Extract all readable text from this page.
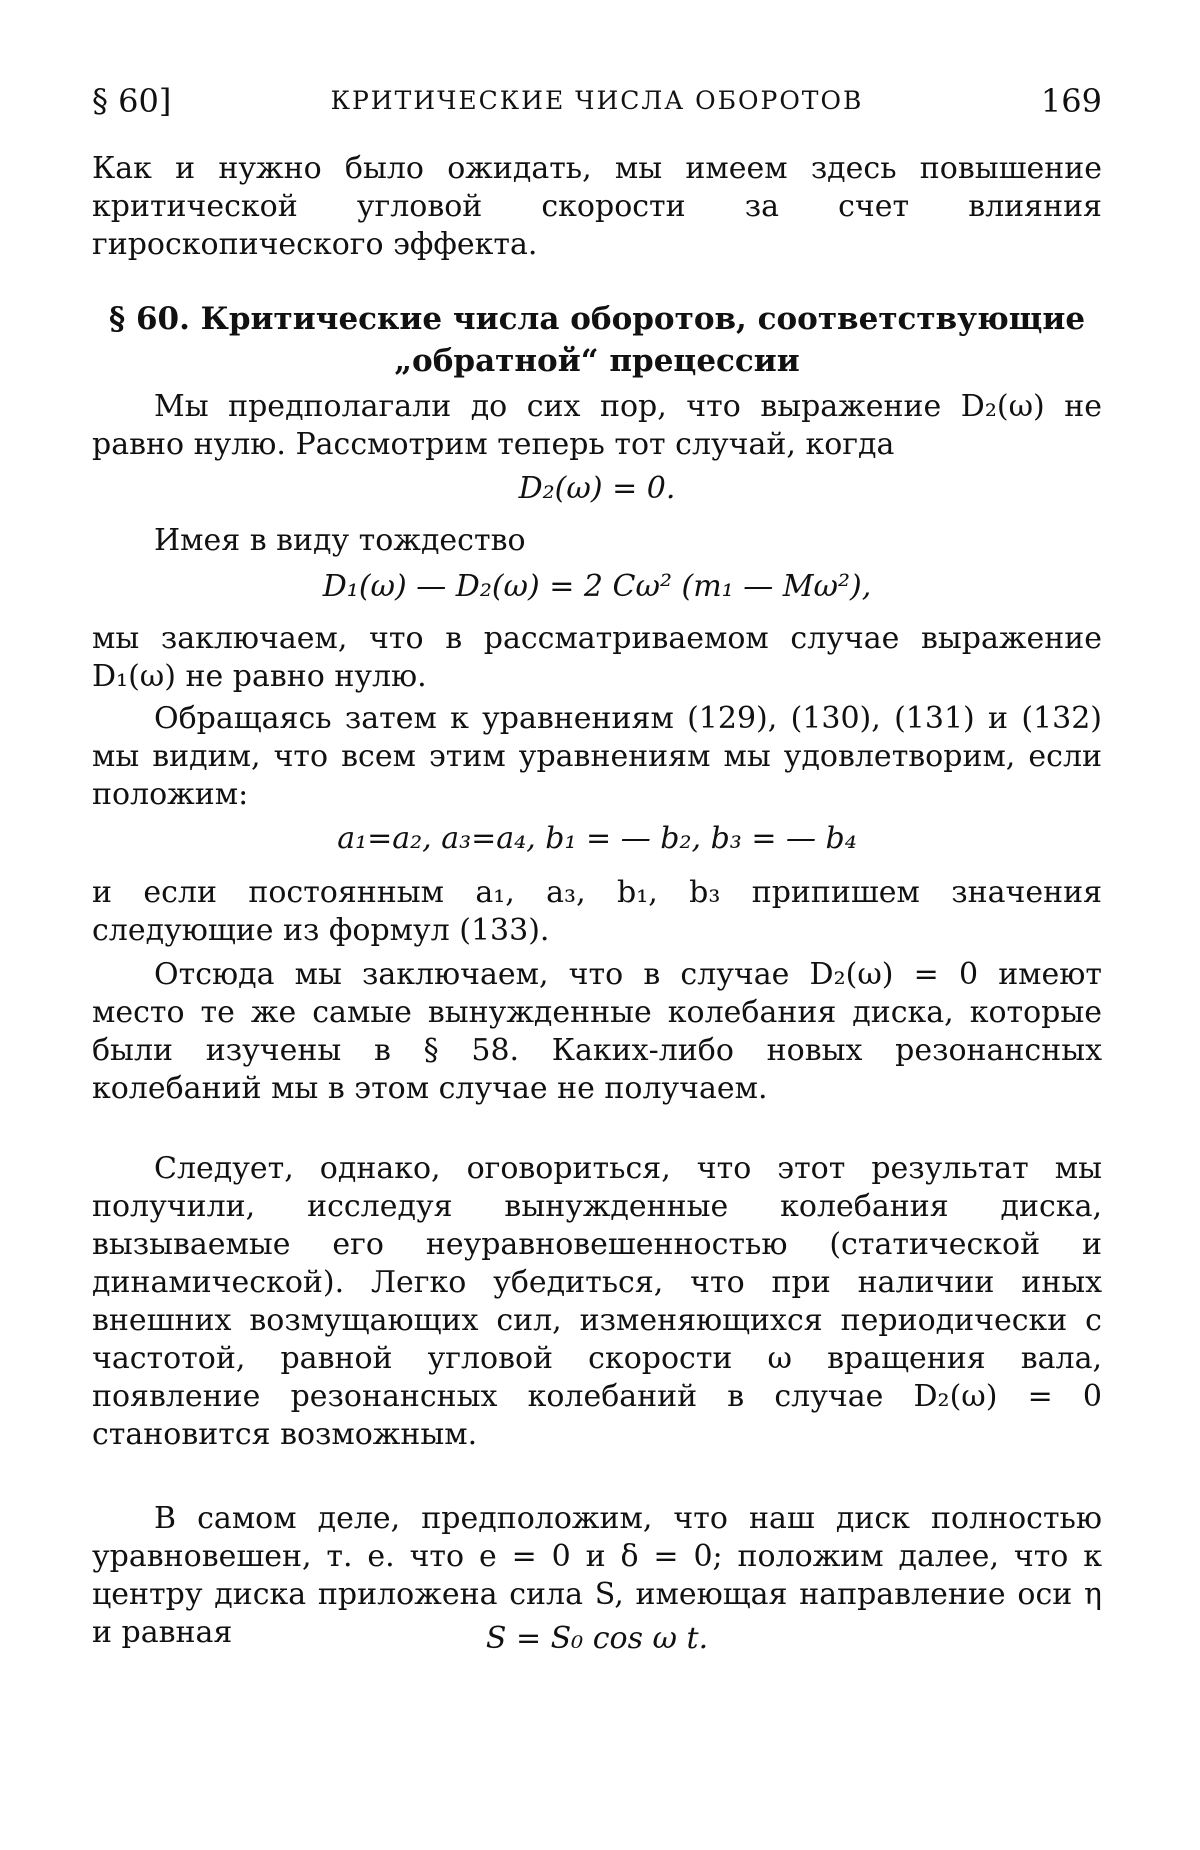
§ 60]	КРИТИЧЕСКИЕ ЧИСЛА ОБОРОТОВ	169

Как и нужно было ожидать, мы имеем здесь повышение критической угловой скорости за счет влияния гироскопического эффекта.

§ 60. Критические числа оборотов, соответствующие „обратной“ прецессии

Мы предполагали до сих пор, что выражение D₂(ω) не равно нулю. Рассмотрим теперь тот случай, когда

D₂(ω) = 0.

Имея в виду тождество

D₁(ω) — D₂(ω) = 2 Cω² (m₁ — Mω²),

мы заключаем, что в рассматриваемом случае выражение D₁(ω) не равно нулю.

Обращаясь затем к уравнениям (129), (130), (131) и (132) мы видим, что всем этим уравнениям мы удовлетворим, если положим:

a₁=a₂, a₃=a₄, b₁ = — b₂, b₃ = — b₄

и если постоянным a₁, a₃, b₁, b₃ припишем значения следующие из формул (133).

Отсюда мы заключаем, что в случае D₂(ω) = 0 имеют место те же самые вынужденные колебания диска, которые были изучены в § 58. Каких-либо новых резонансных колебаний мы в этом случае не получаем.

Следует, однако, оговориться, что этот результат мы получили, исследуя вынужденные колебания диска, вызываемые его неуравновешенностью (статической и динамической). Легко убедиться, что при наличии иных внешних возмущающих сил, изменяющихся периодически с частотой, равной угловой скорости ω вращения вала, появление резонансных колебаний в случае D₂(ω) = 0 становится возможным.

В самом деле, предположим, что наш диск полностью уравновешен, т. е. что e = 0 и δ = 0; положим далее, что к центру диска приложена сила S, имеющая направление оси η и равная	S = S₀ cos ω t.
